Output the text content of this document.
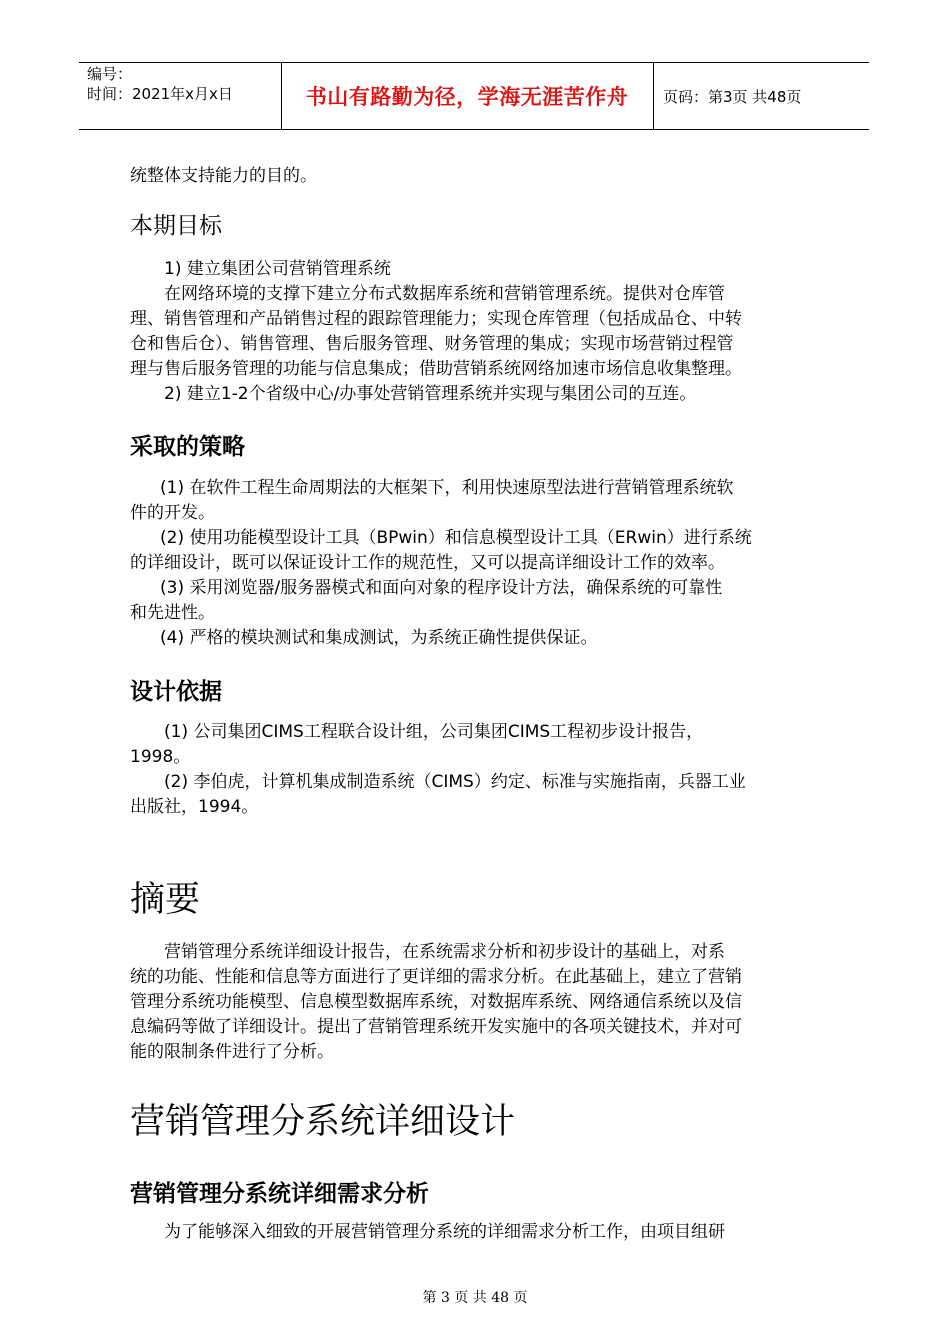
编号：
时间：2021年x月x日	书山有路勤为径，学海无涯苦作舟	页码：第3页 共48页
统整体支持能力的目的。
本期目标
1) 建立集团公司营销管理系统
在网络环境的支撑下建立分布式数据库系统和营销管理系统。提供对仓库管
理、销售管理和产品销售过程的跟踪管理能力；实现仓库管理（包括成品仓、中转
仓和售后仓）、销售管理、售后服务管理、财务管理的集成；实现市场营销过程管
理与售后服务管理的功能与信息集成；借助营销系统网络加速市场信息收集整理。
2) 建立1-2个省级中心/办事处营销管理系统并实现与集团公司的互连。
采取的策略
(1) 在软件工程生命周期法的大框架下，利用快速原型法进行营销管理系统软
件的开发。
(2) 使用功能模型设计工具（BPwin）和信息模型设计工具（ERwin）进行系统
的详细设计，既可以保证设计工作的规范性，又可以提高详细设计工作的效率。
(3) 采用浏览器/服务器模式和面向对象的程序设计方法，确保系统的可靠性
和先进性。
(4) 严格的模块测试和集成测试，为系统正确性提供保证。
设计依据
(1) 公司集团CIMS工程联合设计组，公司集团CIMS工程初步设计报告，
1998。
(2) 李伯虎，计算机集成制造系统（CIMS）约定、标准与实施指南，兵器工业
出版社，1994。
摘要
营销管理分系统详细设计报告，在系统需求分析和初步设计的基础上，对系
统的功能、性能和信息等方面进行了更详细的需求分析。在此基础上，建立了营销
管理分系统功能模型、信息模型数据库系统，对数据库系统、网络通信系统以及信
息编码等做了详细设计。提出了营销管理系统开发实施中的各项关键技术，并对可
能的限制条件进行了分析。
营销管理分系统详细设计
营销管理分系统详细需求分析
为了能够深入细致的开展营销管理分系统的详细需求分析工作，由项目组研
第 3 页 共 48 页
